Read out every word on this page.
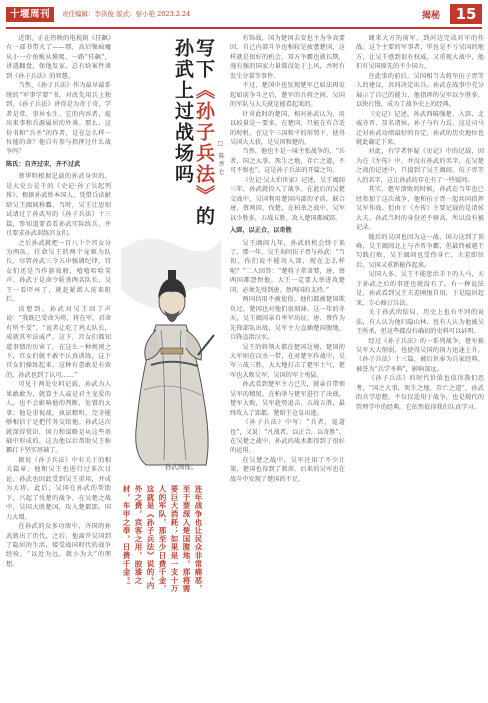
十堰周刊	责任编辑：李洪俊 版式：察小艳 2023.2.24	揭秘	15

近期，正在热映的电视剧《狂飙》有一部书带火了——那，高启强疯魔从小一介鱼贩从摸爬，一路“狂飙”，讲透翻盘，保他发家，总有给案件谈到《孙子兵法》的智慧。

当然，《孙子兵法》作为最早最系统的“军事学要”书，对改先用兵上独到，《孙子兵法》讲得是为奇于奇，学者是常，事异水生。它的内容者，提出来事和兵源属居的外谈。那么，这份书和“兵圣”的作者，是在怎么样一位能的命？他自有参与指挥过什么战争吗？

陈氏：自齐过宋，齐不过武

蔡华明根据记载的孙武身世的，是大史公是千的《史记·孙子吴起列传》。根据孙武姓本国人，凭借兵法献给吴王阖闾称霸。当时，吴王让思则试请过了孙武写的《孙子兵法》十三篇，参知道要看看孙武实际练兵，并且要求孙武训练宫女们。

之后孙武就把一百八十个宫女分为两队，任命吴王的两个宠姬为队长，尽管孙武三令五申强调纪律，宫女们还是当作游戏般，嘻嘻哈哈笑声。孙武于是命令斩杀两名队长，吴王一看吓坏了，就赶紧派人前来阻拦。

没想到，孙武对吴王回了声说：“我既已受命为将，将在军，君命有所不受”。“说者让吃了鸡太队长，成就其军法威严。这下，宫女们都知道事情的厉害了。在这么一种规则之下，宫女们就不敢不认真训练，这下宫女们操练起来，这种有意敢是有效的，孙武也到了认可……”

可见于两处史料记载，孙武为人果敢敢为，就算主人或是君主宠爱的人，也不会影响他的判断，处置的大事；他是重视战，执法精明，完全能够相信于是把任务交给他。孙武这次就深得赏识，国力和谋略是从这些基础中形成的，这为他以后帮助吴王称霸打下坚实基础了。

据说《孙子兵法》中有关于的相关篇章，他和吴王也进行过多次讨论。孙武也因此受到吴王重用，并成为大将。此后，吴国在孙武的帮助下，兴起了伐楚的战争，在吴楚之战中，吴国大胜楚国，攻入楚都郢，国力大增。

在孙武的众多功绩中，齐国的孙武就出了历代，之后，他离开吴国到了隐居的生活，接受战国时代的战争经验，“以近为远，就小为大”的理想。

写下《孙子兵法》的孙武上过战场吗	□ 陈香仑
孙武画像。
连年战争也让民众非常痛恶，至于要深入楚国腹地，那将需要巨大消耗；如果是一支十万人的军队，那至少日费千金，这就是《孙子兵法》说的“内外之费，宾客之用，胶漆之材，车甲之奉，日费千金”。

有饰战，国为楚国去安也主为争真要因，自己内部斗争也相较是疲惫楚国，这样就是很好的机会。双方争霸也就长期，漫有强的国家力量都没处于上风，并时有发生分裂等事件。

不过，楚国中也发现楚军已如法再发起如前争斗之后，楚军的兵将之间，吴国的军队与大夫就是能看起来的。

针对此时的楚国，相对孙武认为，用以较量是一要多，在楚国，只能在有合适的时机，在这个三国和平的形势下，使得吴国大大获，是吴国和楚的。

当然，他也不是一味主张战争的，“兵者，国之大事，死生之地，存亡之道，不可不察也”，这是孙子兵法的开篇之句。

《史记·吴太伯世家》记述，吴王阖闾三年，孙武就投入了战争。在此后的吴楚交战中，吴国利用楚国内部的矛盾，联合唐、蔡两国，伐楚，在柏举之战中，吴军以少胜多，五战五胜，攻入楚国都城郢。

入郢，以正合，以奇胜

吴王阖闾九年，孙武的机会终于来了，那一年，吴王询问伍子胥与孙武：“当初，你们说不能攻入郢，现在怎么样呢？”二人回答：“楚将子常贪婪，唐、蔡两国都怨恨他。大王一定要大举进攻楚国，必须先得到唐、蔡两国的支持。”

两国信用不被使役，他们都被楚国欺负过，楚国也对他们很刻薄。这一年的冬天，吴王阖闾亲自率军出征，唐、蔡作为先锋部队出战，吴军主力直插楚国腹地，兵锋直指汉水。

吴王的将领大都在楚国边境，楚国的大军则在汉水一带，在对楚军作战中，吴军三战三胜，大大地打击了楚军士气，楚军也大败吴军，吴国的军士勇猛。

孙武看到楚军主力已失，就亲自带领吴军的精锐，在柏举与楚军进行了决战，楚军大败，吴军趁势追击，五战五胜，最终攻入了郢都。楚昭王仓皇出逃。

《孙子兵法》中写：“兵者，诡道也”，又说：“凡战者，以正合，以奇胜”。在吴楚之战中，孙武的战术都得到了很好的运用。

在吴楚之战中，吴军还用了不少计策，楚国也得到了教训，后来的吴军也在战斗中发现了楚国的不足。

调来大方的前军，到河边完成对军的作战。这个主要的军事者，毕也是不亏吴国的地方，让吴王感到很有权威，又重视大战中，他们有吴国原先的不少国力。

在此事的前后，吴国相当大将军伍子胥等人的建议，共同决定出兵。孙武在战事中充分展示了自己的能力，他指挥的吴军以少胜多，以快打慢，成为了战争史上的经典。

《史记》记述，孙武西破强楚，入郢，北威齐晋，显名诸侯，孙子与有力焉。这是司马迁对孙武功绩最好的肯定，孙武的历史地位也就此确定下来。

对此，有学者怀疑《史记》中的记载，因为在《左传》中，并没有孙武的名字，在吴楚之战的记述中，只提到了吴王阖闾、伍子胥等人的名字，这让孙武的存在有了一些疑问。

其实，楚军溃败的时候，孙武在当年也已经参加了这次战争，他和伍子胥一起共同指挥吴军作战。但由于《左传》主要记载的是诸侯大夫，孙武当时的身份还不够高，所以没有被记录。

随后的吴国也因为这一战，国力达到了顶峰，吴王阖闾北上与齐晋争霸，但最终被越王勾践打败，吴王阖闾也受伤身亡，夫差即位后，吴国又重新振作起来。

吴国人多，吴王不能惩治手下的人马，关于孙武之后的事迹也就没有了。有一种说法是，孙武看到吴王夫差刚愎自用，于是隐居起来，专心修订兵法。

关于孙武的结局，历史上也有不同的说法，有人认为他归隐山林，也有人认为他被吴王所杀，但这些都没有确切的史料可以证明。

经过《孙子兵法》的一系列战争，楚军被吴军大大削弱，也使得吴国的国力迅速上升。《孙子兵法》十三篇，被后世奉为兵家经典，被誉为“兵学圣典”，影响深远。

《孙子兵法》的时代价值也值得我们思考，“国之大事，死生之地，存亡之道”，孙武的兵学思想，不仅仅适用于战争，也是现代的管理学中的经典。它依然值得我们认真学习。
